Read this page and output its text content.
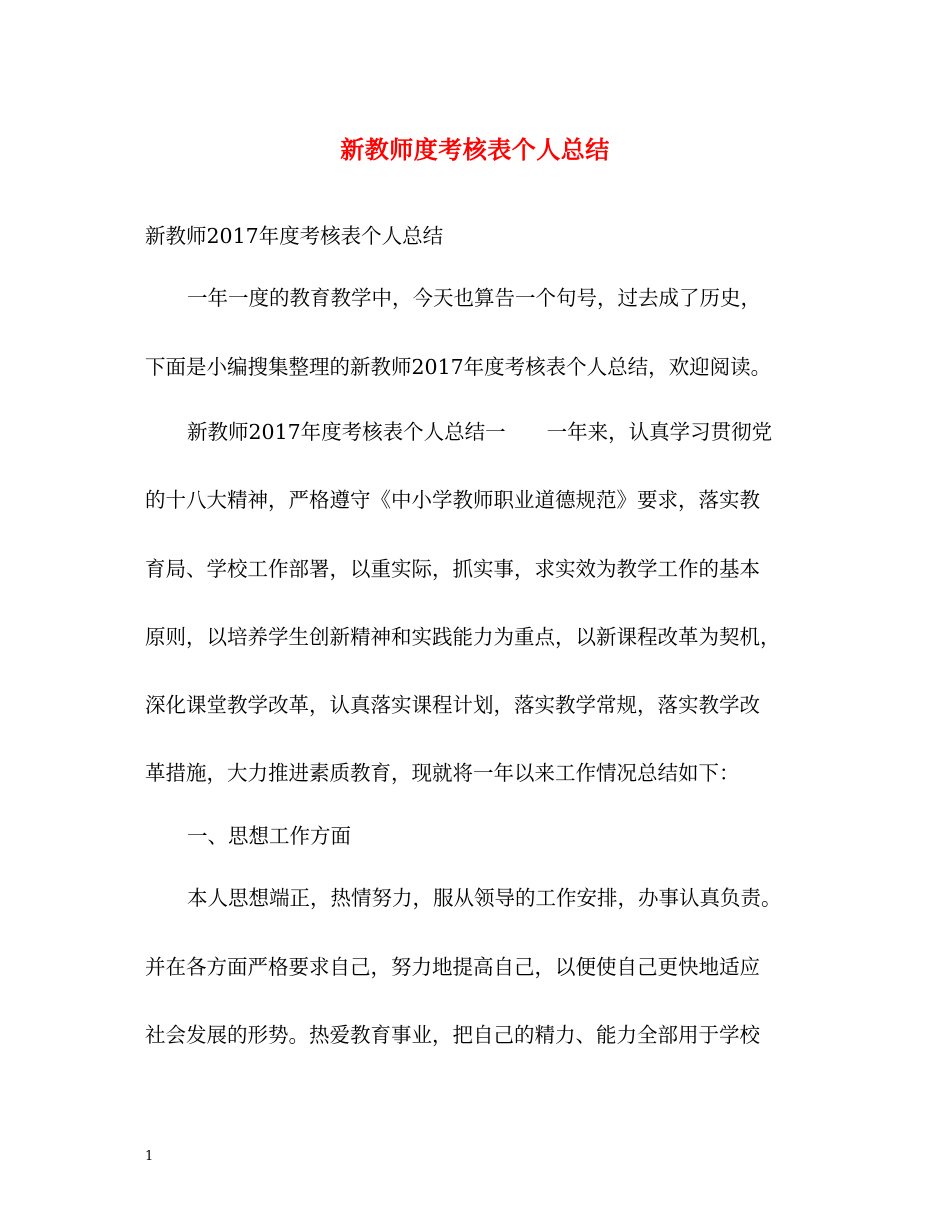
新教师度考核表个人总结
新教师2017年度考核表个人总结
一年一度的教育教学中，今天也算告一个句号，过去成了历史，
下面是小编搜集整理的新教师2017年度考核表个人总结，欢迎阅读。
新教师2017年度考核表个人总结一　　一年来，认真学习贯彻党
的十八大精神，严格遵守《中小学教师职业道德规范》要求，落实教
育局、学校工作部署，以重实际，抓实事，求实效为教学工作的基本
原则，以培养学生创新精神和实践能力为重点，以新课程改革为契机，
深化课堂教学改革，认真落实课程计划，落实教学常规，落实教学改
革措施，大力推进素质教育，现就将一年以来工作情况总结如下：
一、思想工作方面
本人思想端正，热情努力，服从领导的工作安排，办事认真负责。
并在各方面严格要求自己，努力地提高自己，以便使自己更快地适应
社会发展的形势。热爱教育事业，把自己的精力、能力全部用于学校
1
